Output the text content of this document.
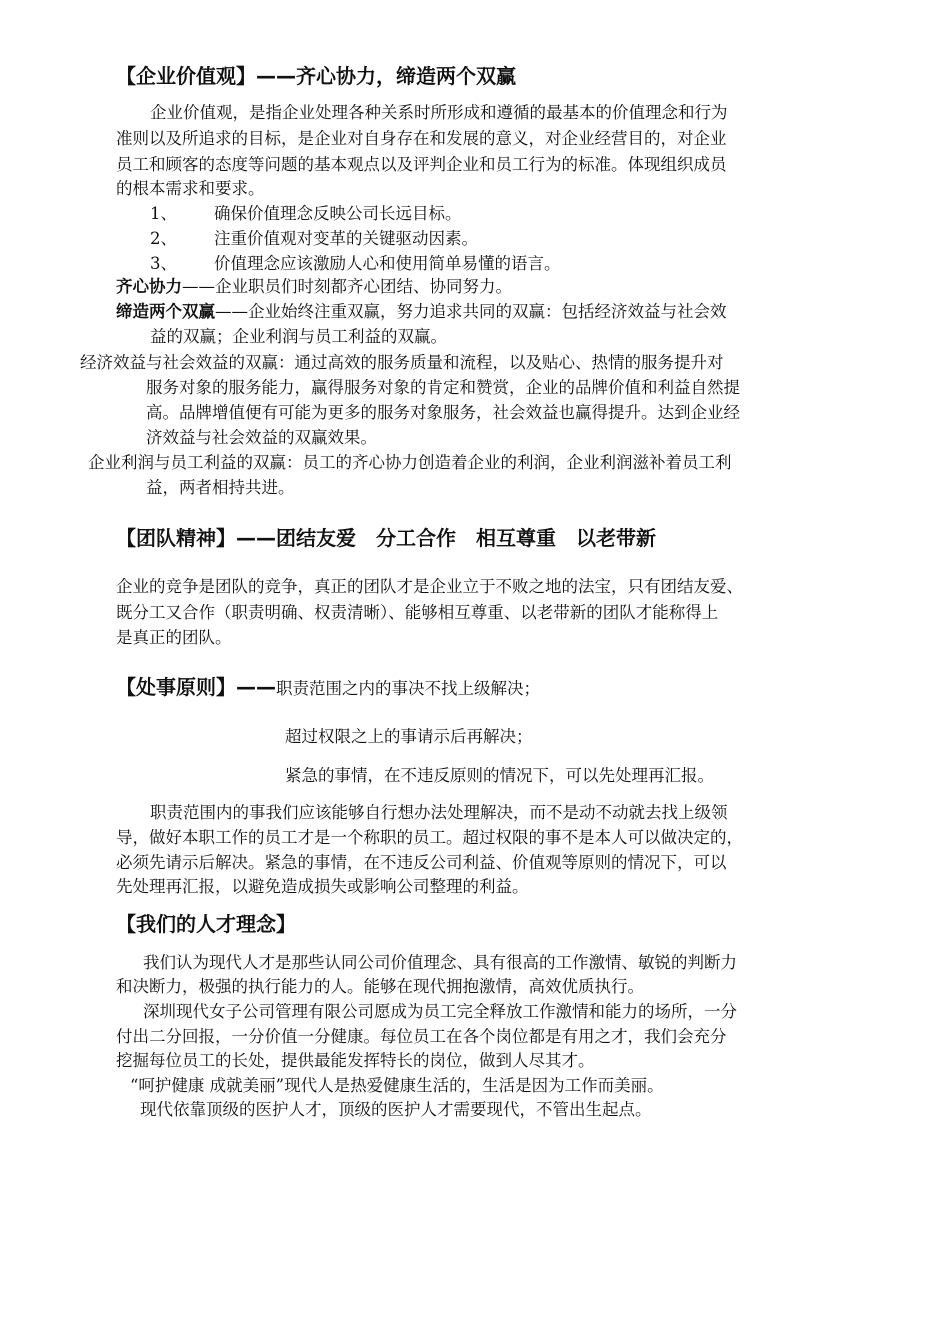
【企业价值观】——齐心协力，缔造两个双赢
企业价值观，是指企业处理各种关系时所形成和遵循的最基本的价值理念和行为
准则以及所追求的目标，是企业对自身存在和发展的意义，对企业经营目的，对企业
员工和顾客的态度等问题的基本观点以及评判企业和员工行为的标准。体现组织成员
的根本需求和要求。
1、 确保价值理念反映公司长远目标。
2、 注重价值观对变革的关键驱动因素。
3、 价值理念应该激励人心和使用简单易懂的语言。
齐心协力——企业职员们时刻都齐心团结、协同努力。
缔造两个双赢——企业始终注重双赢，努力追求共同的双赢：包括经济效益与社会效
益的双赢；企业利润与员工利益的双赢。
经济效益与社会效益的双赢：通过高效的服务质量和流程，以及贴心、热情的服务提升对
服务对象的服务能力，赢得服务对象的肯定和赞赏，企业的品牌价值和利益自然提
高。品牌增值便有可能为更多的服务对象服务，社会效益也赢得提升。达到企业经
济效益与社会效益的双赢效果。
企业利润与员工利益的双赢：员工的齐心协力创造着企业的利润，企业利润滋补着员工利
益，两者相持共进。
【团队精神】——团结友爱　分工合作　相互尊重　以老带新
企业的竞争是团队的竞争，真正的团队才是企业立于不败之地的法宝，只有团结友爱、
既分工又合作（职责明确、权责清晰）、能够相互尊重、以老带新的团队才能称得上
是真正的团队。
【处事原则】——职责范围之内的事决不找上级解决；
超过权限之上的事请示后再解决；
紧急的事情，在不违反原则的情况下，可以先处理再汇报。
职责范围内的事我们应该能够自行想办法处理解决，而不是动不动就去找上级领
导，做好本职工作的员工才是一个称职的员工。超过权限的事不是本人可以做决定的，
必须先请示后解决。紧急的事情，在不违反公司利益、价值观等原则的情况下，可以
先处理再汇报，以避免造成损失或影响公司整理的利益。
【我们的人才理念】
我们认为现代人才是那些认同公司价值理念、具有很高的工作激情、敏锐的判断力
和决断力，极强的执行能力的人。能够在现代拥抱激情，高效优质执行。
深圳现代女子公司管理有限公司愿成为员工完全释放工作激情和能力的场所，一分
付出二分回报，一分价值一分健康。每位员工在各个岗位都是有用之才，我们会充分
挖掘每位员工的长处，提供最能发挥特长的岗位，做到人尽其才。
“呵护健康 成就美丽”现代人是热爱健康生活的，生活是因为工作而美丽。
现代依靠顶级的医护人才，顶级的医护人才需要现代，不管出生起点。
